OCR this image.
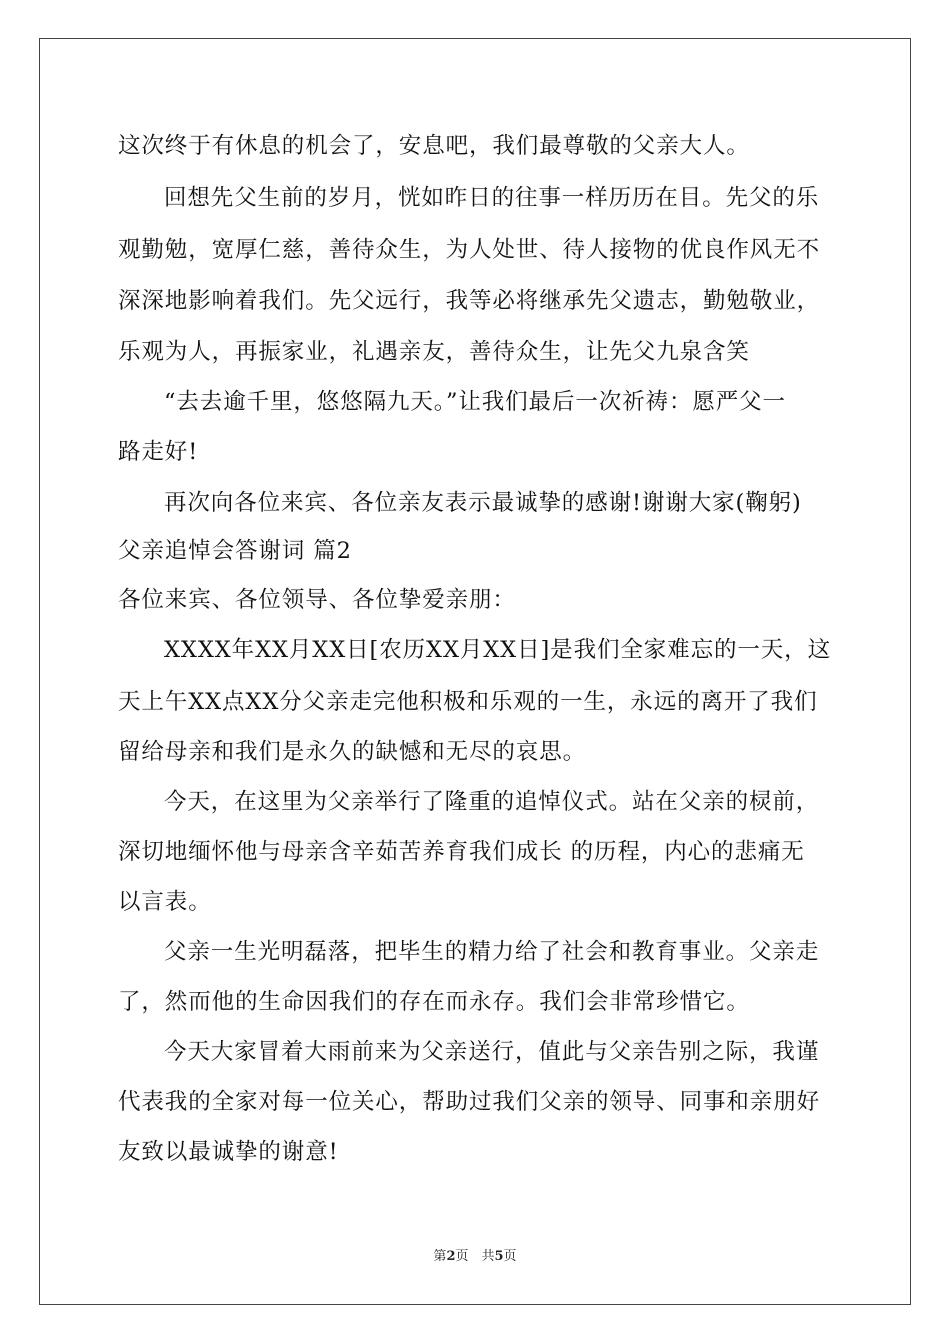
这次终于有休息的机会了，安息吧，我们最尊敬的父亲大人。
回想先父生前的岁月，恍如昨日的往事一样历历在目。先父的乐
观勤勉，宽厚仁慈，善待众生，为人处世、待人接物的优良作风无不
深深地影响着我们。先父远行，我等必将继承先父遗志，勤勉敬业，
乐观为人，再振家业，礼遇亲友，善待众生，让先父九泉含笑
“去去逾千里，悠悠隔九天。”让我们最后一次祈祷：愿严父一
路走好!
再次向各位来宾、各位亲友表示最诚挚的感谢!谢谢大家(鞠躬)
父亲追悼会答谢词 篇2
各位来宾、各位领导、各位挚爱亲朋：
XXXX年XX月XX日[农历XX月XX日]是我们全家难忘的一天，这
天上午XX点XX分父亲走完他积极和乐观的一生，永远的离开了我们
留给母亲和我们是永久的缺憾和无尽的哀思。
今天，在这里为父亲举行了隆重的追悼仪式。站在父亲的棂前，
深切地缅怀他与母亲含辛茹苦养育我们成长 的历程，内心的悲痛无
以言表。
父亲一生光明磊落，把毕生的精力给了社会和教育事业。父亲走
了，然而他的生命因我们的存在而永存。我们会非常珍惜它。
今天大家冒着大雨前来为父亲送行，值此与父亲告别之际，我谨
代表我的全家对每一位关心，帮助过我们父亲的领导、同事和亲朋好
友致以最诚挚的谢意!
第2页　共5页
